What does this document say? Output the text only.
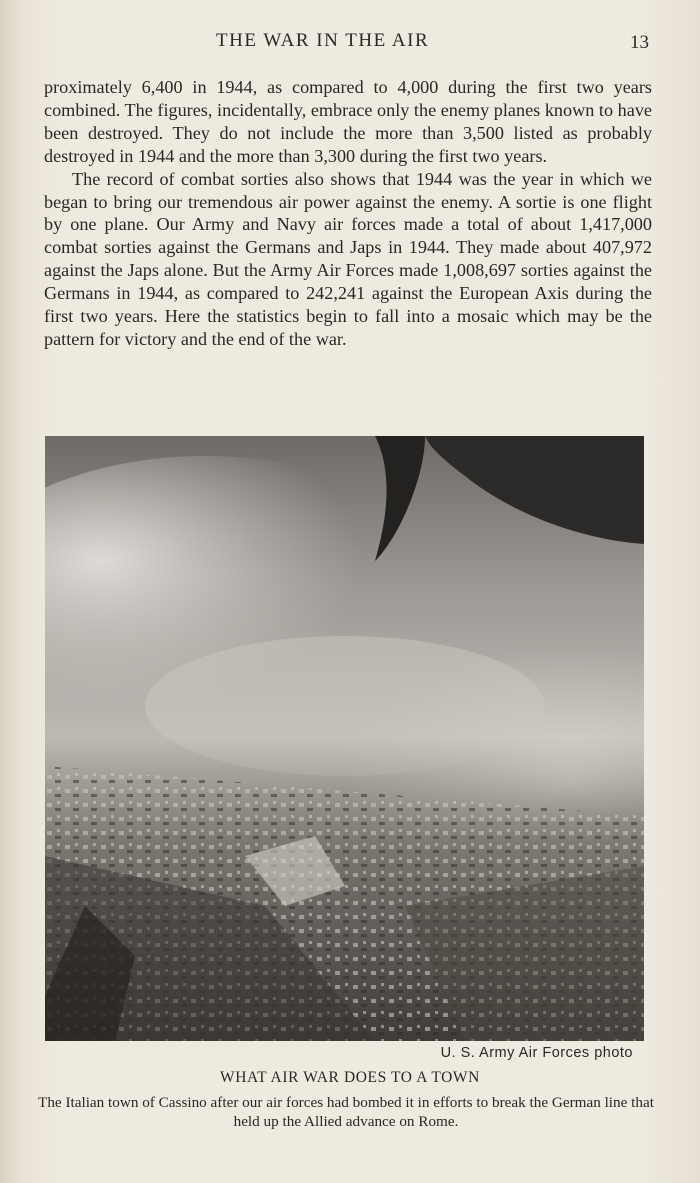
THE WAR IN THE AIR	13

proximately 6,400 in 1944, as compared to 4,000 during the first two years combined. The figures, incidentally, embrace only the enemy planes known to have been destroyed. They do not include the more than 3,500 listed as probably destroyed in 1944 and the more than 3,300 during the first two years.

The record of combat sorties also shows that 1944 was the year in which we began to bring our tremendous air power against the enemy. A sortie is one flight by one plane. Our Army and Navy air forces made a total of about 1,417,000 combat sorties against the Germans and Japs in 1944. They made about 407,972 against the Japs alone. But the Army Air Forces made 1,008,697 sorties against the Germans in 1944, as compared to 242,241 against the European Axis during the first two years. Here the statistics begin to fall into a mosaic which may be the pattern for victory and the end of the war.

U. S. Army Air Forces photo
WHAT AIR WAR DOES TO A TOWN
The Italian town of Cassino after our air forces had bombed it in efforts to break the German line that held up the Allied advance on Rome.
